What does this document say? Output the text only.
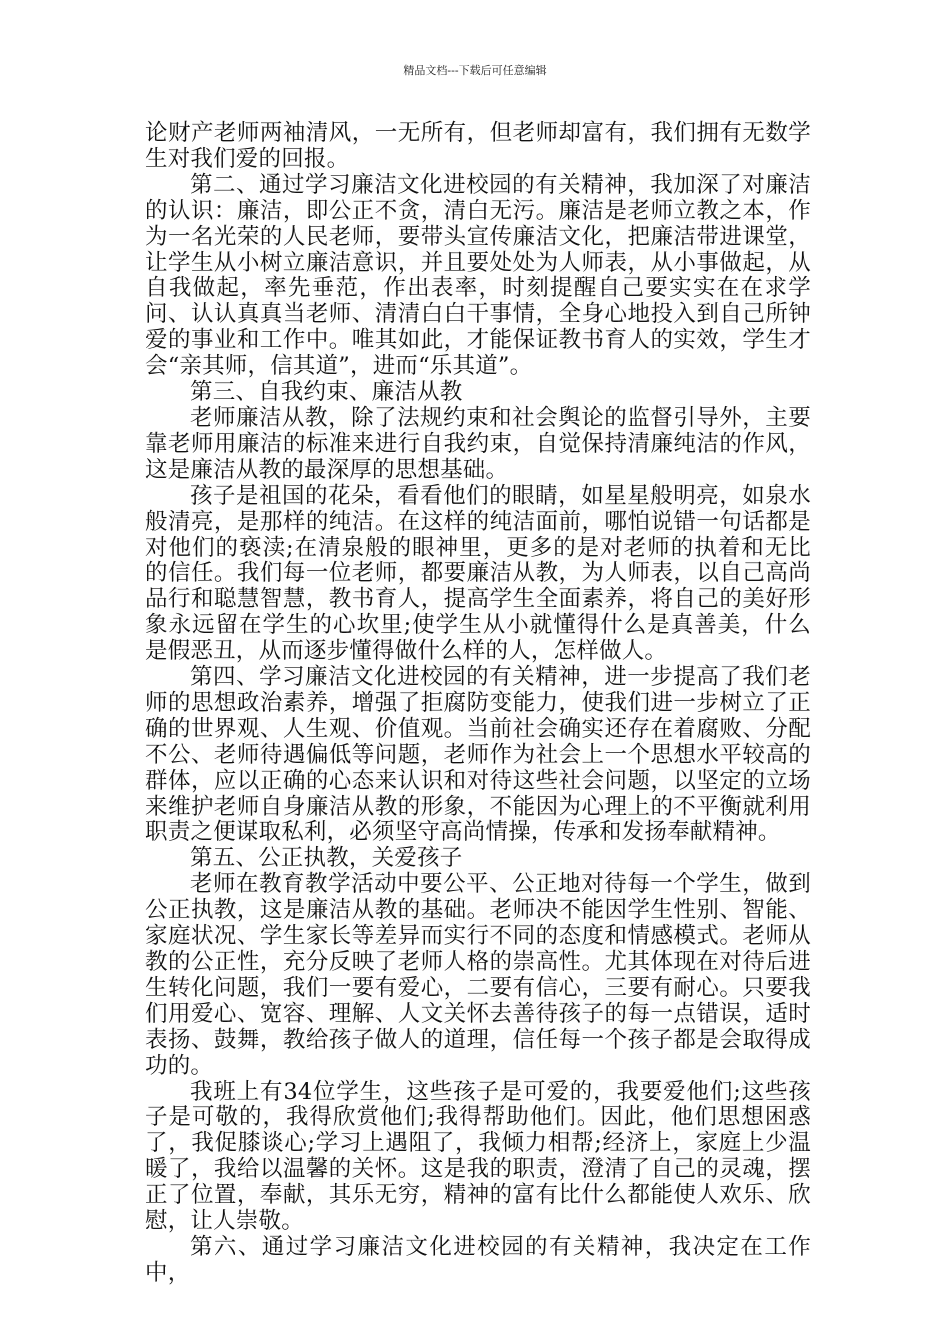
精品文档---下载后可任意编辑

论财产老师两袖清风，一无所有，但老师却富有，我们拥有无数学生对我们爱的回报。

第二、通过学习廉洁文化进校园的有关精神，我加深了对廉洁的认识：廉洁，即公正不贪，清白无污。廉洁是老师立教之本，作为一名光荣的人民老师，要带头宣传廉洁文化，把廉洁带进课堂，让学生从小树立廉洁意识，并且要处处为人师表，从小事做起，从自我做起，率先垂范，作出表率，时刻提醒自己要实实在在求学问、认认真真当老师、清清白白干事情，全身心地投入到自己所钟爱的事业和工作中。唯其如此，才能保证教书育人的实效，学生才会“亲其师，信其道”，进而“乐其道”。

第三、自我约束、廉洁从教

老师廉洁从教，除了法规约束和社会舆论的监督引导外，主要靠老师用廉洁的标准来进行自我约束，自觉保持清廉纯洁的作风，这是廉洁从教的最深厚的思想基础。

孩子是祖国的花朵，看看他们的眼睛，如星星般明亮，如泉水般清亮，是那样的纯洁。在这样的纯洁面前，哪怕说错一句话都是对他们的亵渎;在清泉般的眼神里，更多的是对老师的执着和无比的信任。我们每一位老师，都要廉洁从教，为人师表，以自己高尚品行和聪慧智慧，教书育人，提高学生全面素养，将自己的美好形象永远留在学生的心坎里;使学生从小就懂得什么是真善美，什么是假恶丑，从而逐步懂得做什么样的人，怎样做人。

第四、学习廉洁文化进校园的有关精神，进一步提高了我们老师的思想政治素养，增强了拒腐防变能力，使我们进一步树立了正确的世界观、人生观、价值观。当前社会确实还存在着腐败、分配不公、老师待遇偏低等问题，老师作为社会上一个思想水平较高的群体，应以正确的心态来认识和对待这些社会问题，以坚定的立场来维护老师自身廉洁从教的形象，不能因为心理上的不平衡就利用职责之便谋取私利，必须坚守高尚情操，传承和发扬奉献精神。

第五、公正执教，关爱孩子

老师在教育教学活动中要公平、公正地对待每一个学生，做到公正执教，这是廉洁从教的基础。老师决不能因学生性别、智能、家庭状况、学生家长等差异而实行不同的态度和情感模式。老师从教的公正性，充分反映了老师人格的崇高性。尤其体现在对待后进生转化问题，我们一要有爱心，二要有信心，三要有耐心。只要我们用爱心、宽容、理解、人文关怀去善待孩子的每一点错误，适时表扬、鼓舞，教给孩子做人的道理，信任每一个孩子都是会取得成功的。

我班上有34位学生，这些孩子是可爱的，我要爱他们;这些孩子是可敬的，我得欣赏他们;我得帮助他们。因此，他们思想困惑了，我促膝谈心;学习上遇阻了，我倾力相帮;经济上，家庭上少温暖了，我给以温馨的关怀。这是我的职责，澄清了自己的灵魂，摆正了位置，奉献，其乐无穷，精神的富有比什么都能使人欢乐、欣慰，让人崇敬。

第六、通过学习廉洁文化进校园的有关精神，我决定在工作中，
